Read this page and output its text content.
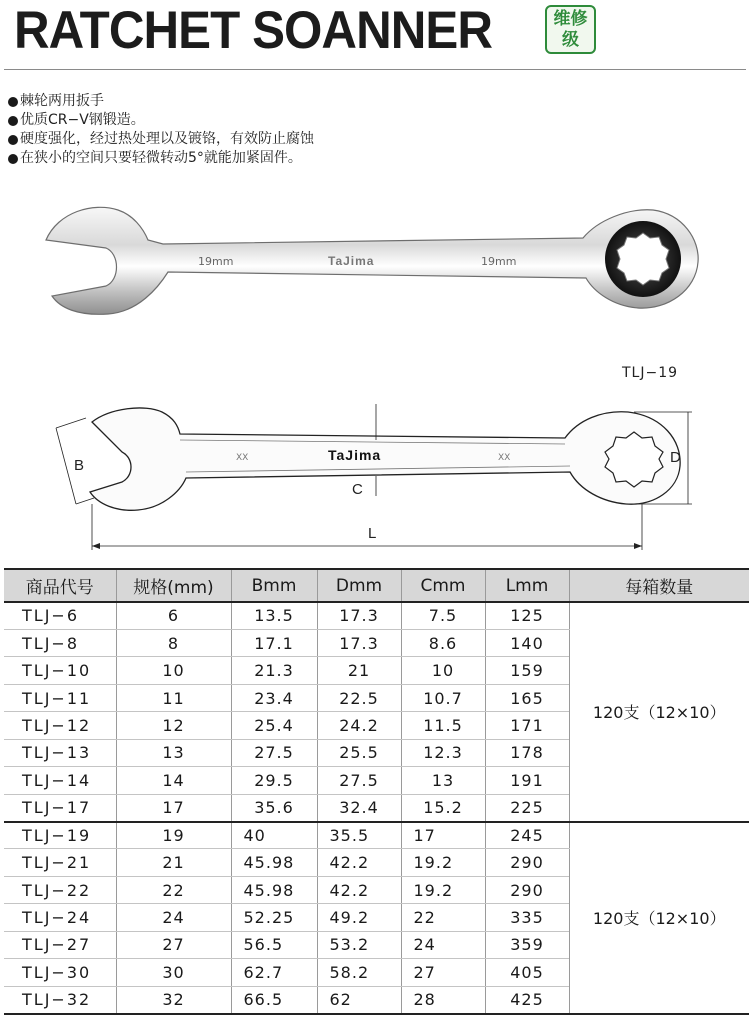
RATCHET SOANNER	维修级
棘轮两用扳手
优质CR−V钢锻造。
硬度强化，经过热处理以及镀铬，有效防止腐蚀
在狭小的空间只要轻微转动5°就能加紧固件。
19mm	TaJima	19mm
TLJ−19
B
C
TaJima
XX	XX	D
L
商品代号	规格(mm)	Bmm	Dmm	Cmm	Lmm	每箱数量
TLJ−6	6	13.5	17.3	7.5	125	120支（12×10）
TLJ−8	8	17.1	17.3	8.6	140	
TLJ−10	10	21.3	21	10	159	
TLJ−11	11	23.4	22.5	10.7	165	
TLJ−12	12	25.4	24.2	11.5	171	
TLJ−13	13	27.5	25.5	12.3	178	
TLJ−14	14	29.5	27.5	13	191	
TLJ−17	17	35.6	32.4	15.2	225	
TLJ−19	19	40	35.5	17	245	120支（12×10）
TLJ−21	21	45.98	42.2	19.2	290	
TLJ−22	22	45.98	42.2	19.2	290	
TLJ−24	24	52.25	49.2	22	335	
TLJ−27	27	56.5	53.2	24	359	
TLJ−30	30	62.7	58.2	27	405	
TLJ−32	32	66.5	62	28	425	
